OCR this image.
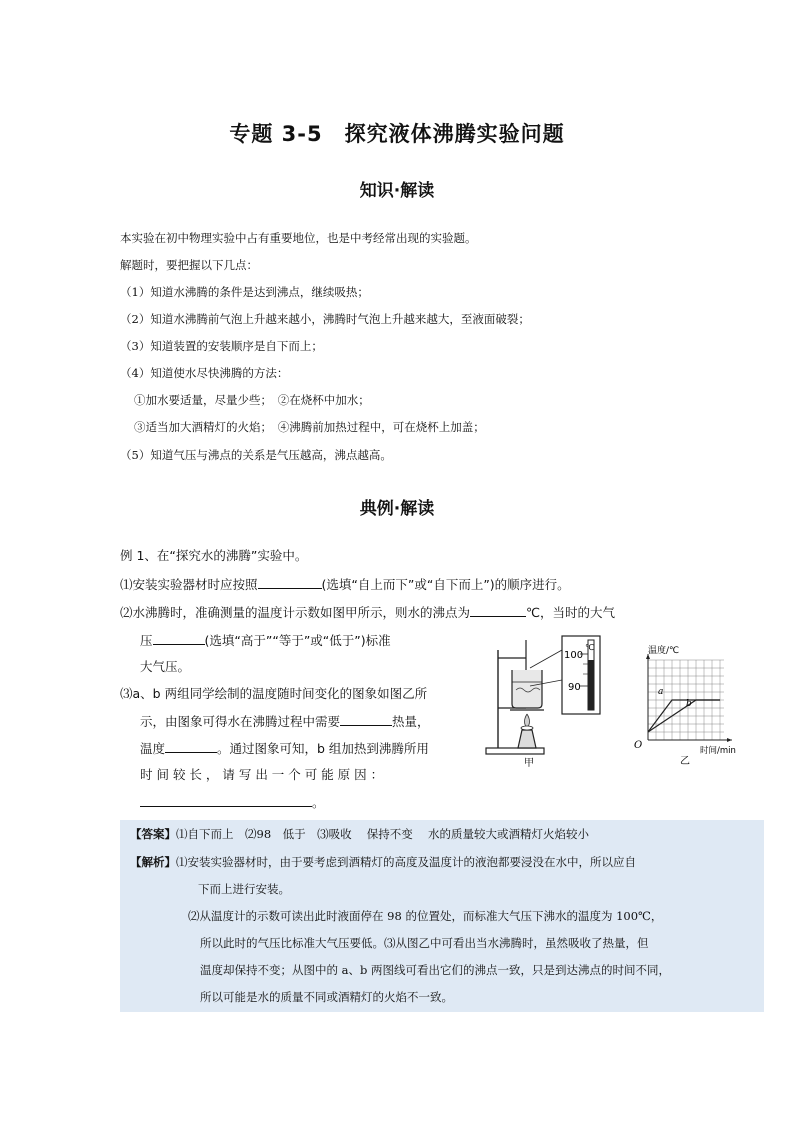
专题 3-5　探究液体沸腾实验问题
知识·解读
本实验在初中物理实验中占有重要地位，也是中考经常出现的实验题。
解题时，要把握以下几点：
（1）知道水沸腾的条件是达到沸点，继续吸热；
（2）知道水沸腾前气泡上升越来越小，沸腾时气泡上升越来越大，至液面破裂；
（3）知道装置的安装顺序是自下而上；
（4）知道使水尽快沸腾的方法：
①加水要适量，尽量少些；　②在烧杯中加水；
③适当加大酒精灯的火焰；　④沸腾前加热过程中，可在烧杯上加盖；
（5）知道气压与沸点的关系是气压越高，沸点越高。
典例·解读
例 1、在“探究水的沸腾”实验中。
⑴安装实验器材时应按照	(选填“自上而下”或“自下而上”)的顺序进行。
⑵水沸腾时，准确测量的温度计示数如图甲所示，则水的沸点为	℃，当时的大气
压	(选填“高于”“等于”或“低于”)标准
大气压。
⑶a、b 两组同学绘制的温度随时间变化的图象如图乙所
示，由图象可得水在沸腾过程中需要	热量，
温度	。通过图象可知，b 组加热到沸腾所用
时 间 较 长 ， 请 写 出 一 个 可 能 原 因 ：
。
100
90
℃
甲
温度/℃
a
b
O	时间/min
乙
【答案】⑴自下而上　⑵98　低于　⑶吸收　 保持不变　 水的质量较大或酒精灯火焰较小
【解析】⑴安装实验器材时，由于要考虑到酒精灯的高度及温度计的液泡都要浸没在水中，所以应自
下而上进行安装。
⑵从温度计的示数可读出此时液面停在 98 的位置处，而标准大气压下沸水的温度为 100℃，
所以此时的气压比标准大气压要低。⑶从图乙中可看出当水沸腾时，虽然吸收了热量，但
温度却保持不变；从图中的 a、b 两图线可看出它们的沸点一致，只是到达沸点的时间不同，
所以可能是水的质量不同或酒精灯的火焰不一致。
